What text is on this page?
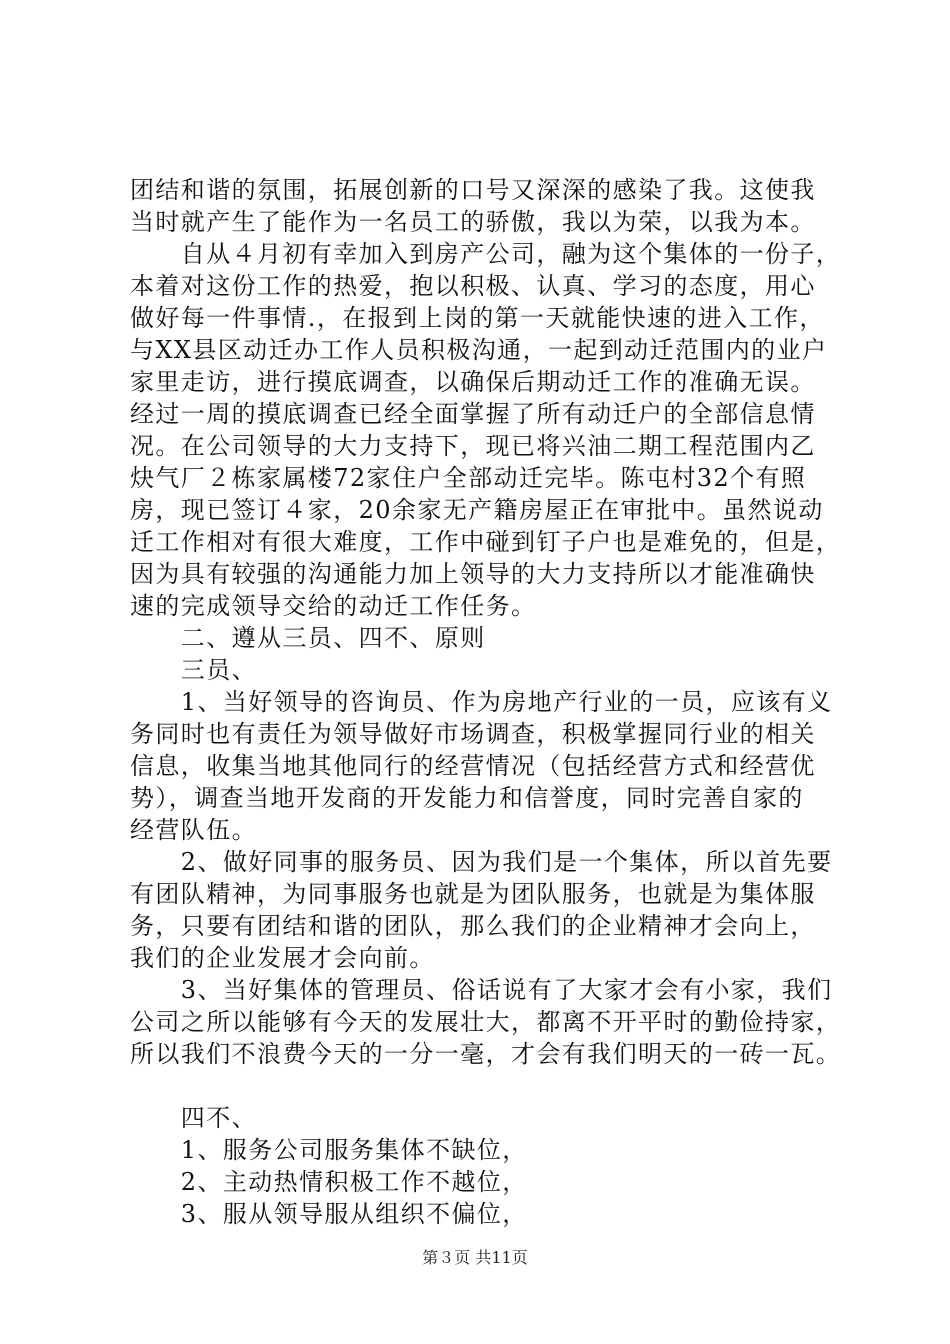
团结和谐的氛围，拓展创新的口号又深深的感染了我。这使我
当时就产生了能作为一名员工的骄傲，我以为荣，以我为本。
　　自从４月初有幸加入到房产公司，融为这个集体的一份子，
本着对这份工作的热爱，抱以积极、认真、学习的态度，用心
做好每一件事情.，在报到上岗的第一天就能快速的进入工作，
与XX县区动迁办工作人员积极沟通，一起到动迁范围内的业户
家里走访，进行摸底调查，以确保后期动迁工作的准确无误。
经过一周的摸底调查已经全面掌握了所有动迁户的全部信息情
况。在公司领导的大力支持下，现已将兴油二期工程范围内乙
炔气厂２栋家属楼72家住户全部动迁完毕。陈屯村32个有照
房，现已签订４家，20余家无产籍房屋正在审批中。虽然说动
迁工作相对有很大难度，工作中碰到钉子户也是难免的，但是，
因为具有较强的沟通能力加上领导的大力支持所以才能准确快
速的完成领导交给的动迁工作任务。
　　二、遵从三员、四不、原则
　　三员、
　　1、当好领导的咨询员、作为房地产行业的一员，应该有义
务同时也有责任为领导做好市场调查，积极掌握同行业的相关
信息，收集当地其他同行的经营情况（包括经营方式和经营优
势），调查当地开发商的开发能力和信誉度，同时完善自家的
经营队伍。
　　2、做好同事的服务员、因为我们是一个集体，所以首先要
有团队精神，为同事服务也就是为团队服务，也就是为集体服
务，只要有团结和谐的团队，那么我们的企业精神才会向上，
我们的企业发展才会向前。
　　3、当好集体的管理员、俗话说有了大家才会有小家，我们
公司之所以能够有今天的发展壮大，都离不开平时的勤俭持家，
所以我们不浪费今天的一分一毫，才会有我们明天的一砖一瓦。
　　四不、
　　1、服务公司服务集体不缺位，
　　2、主动热情积极工作不越位，
　　3、服从领导服从组织不偏位，
第３页 共11页
